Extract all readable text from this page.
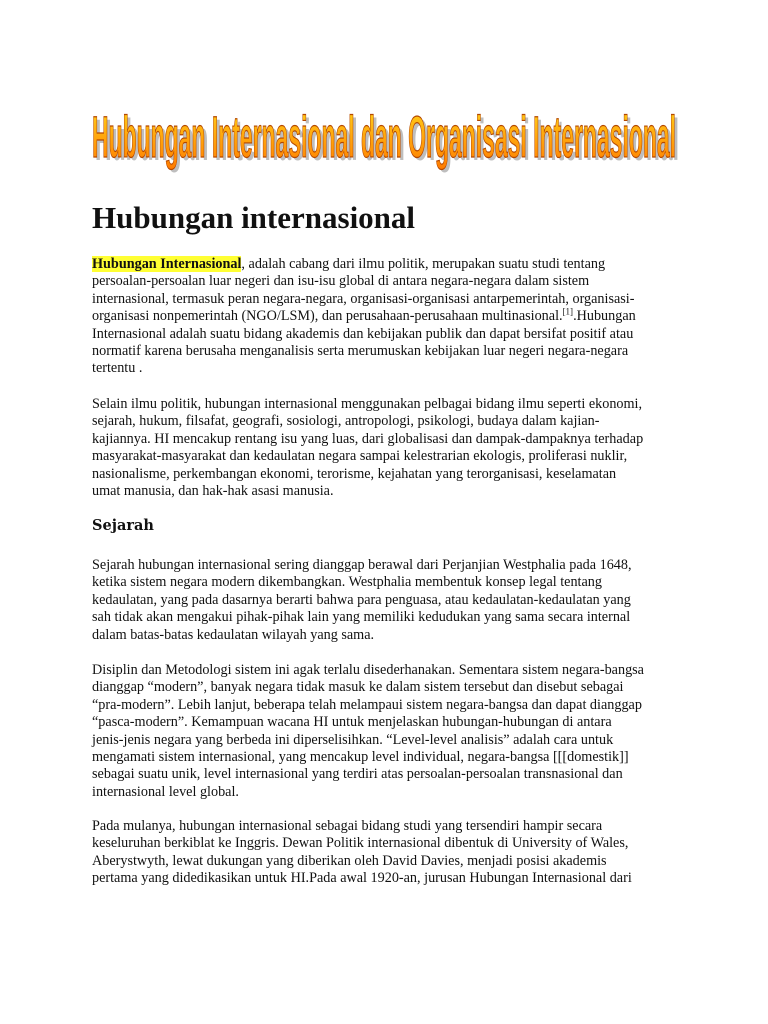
Hubungan Internasional dan Organisasi Internasional
Hubungan Internasional dan Organisasi Internasional
Hubungan internasional
Hubungan Internasional, adalah cabang dari ilmu politik, merupakan suatu studi tentang
persoalan-persoalan luar negeri dan isu-isu global di antara negara-negara dalam sistem
internasional, termasuk peran negara-negara, organisasi-organisasi antarpemerintah, organisasi-
organisasi nonpemerintah (NGO/LSM), dan perusahaan-perusahaan multinasional.[1].Hubungan
Internasional adalah suatu bidang akademis dan kebijakan publik dan dapat bersifat positif atau
normatif karena berusaha menganalisis serta merumuskan kebijakan luar negeri negara-negara
tertentu .
Selain ilmu politik, hubungan internasional menggunakan pelbagai bidang ilmu seperti ekonomi,
sejarah, hukum, filsafat, geografi, sosiologi, antropologi, psikologi, budaya dalam kajian-
kajiannya. HI mencakup rentang isu yang luas, dari globalisasi dan dampak-dampaknya terhadap
masyarakat-masyarakat dan kedaulatan negara sampai kelestrarian ekologis, proliferasi nuklir,
nasionalisme, perkembangan ekonomi, terorisme, kejahatan yang terorganisasi, keselamatan
umat manusia, dan hak-hak asasi manusia.
Sejarah
Sejarah hubungan internasional sering dianggap berawal dari Perjanjian Westphalia pada 1648,
ketika sistem negara modern dikembangkan. Westphalia membentuk konsep legal tentang
kedaulatan, yang pada dasarnya berarti bahwa para penguasa, atau kedaulatan-kedaulatan yang
sah tidak akan mengakui pihak-pihak lain yang memiliki kedudukan yang sama secara internal
dalam batas-batas kedaulatan wilayah yang sama.
Disiplin dan Metodologi sistem ini agak terlalu disederhanakan. Sementara sistem negara-bangsa
dianggap “modern”, banyak negara tidak masuk ke dalam sistem tersebut dan disebut sebagai
“pra-modern”. Lebih lanjut, beberapa telah melampaui sistem negara-bangsa dan dapat dianggap
“pasca-modern”. Kemampuan wacana HI untuk menjelaskan hubungan-hubungan di antara
jenis-jenis negara yang berbeda ini diperselisihkan. “Level-level analisis” adalah cara untuk
mengamati sistem internasional, yang mencakup level individual, negara-bangsa [[[domestik]]
sebagai suatu unik, level internasional yang terdiri atas persoalan-persoalan transnasional dan
internasional level global.
Pada mulanya, hubungan internasional sebagai bidang studi yang tersendiri hampir secara
keseluruhan berkiblat ke Inggris. Dewan Politik internasional dibentuk di University of Wales,
Aberystwyth, lewat dukungan yang diberikan oleh David Davies, menjadi posisi akademis
pertama yang didedikasikan untuk HI.Pada awal 1920-an, jurusan Hubungan Internasional dari
